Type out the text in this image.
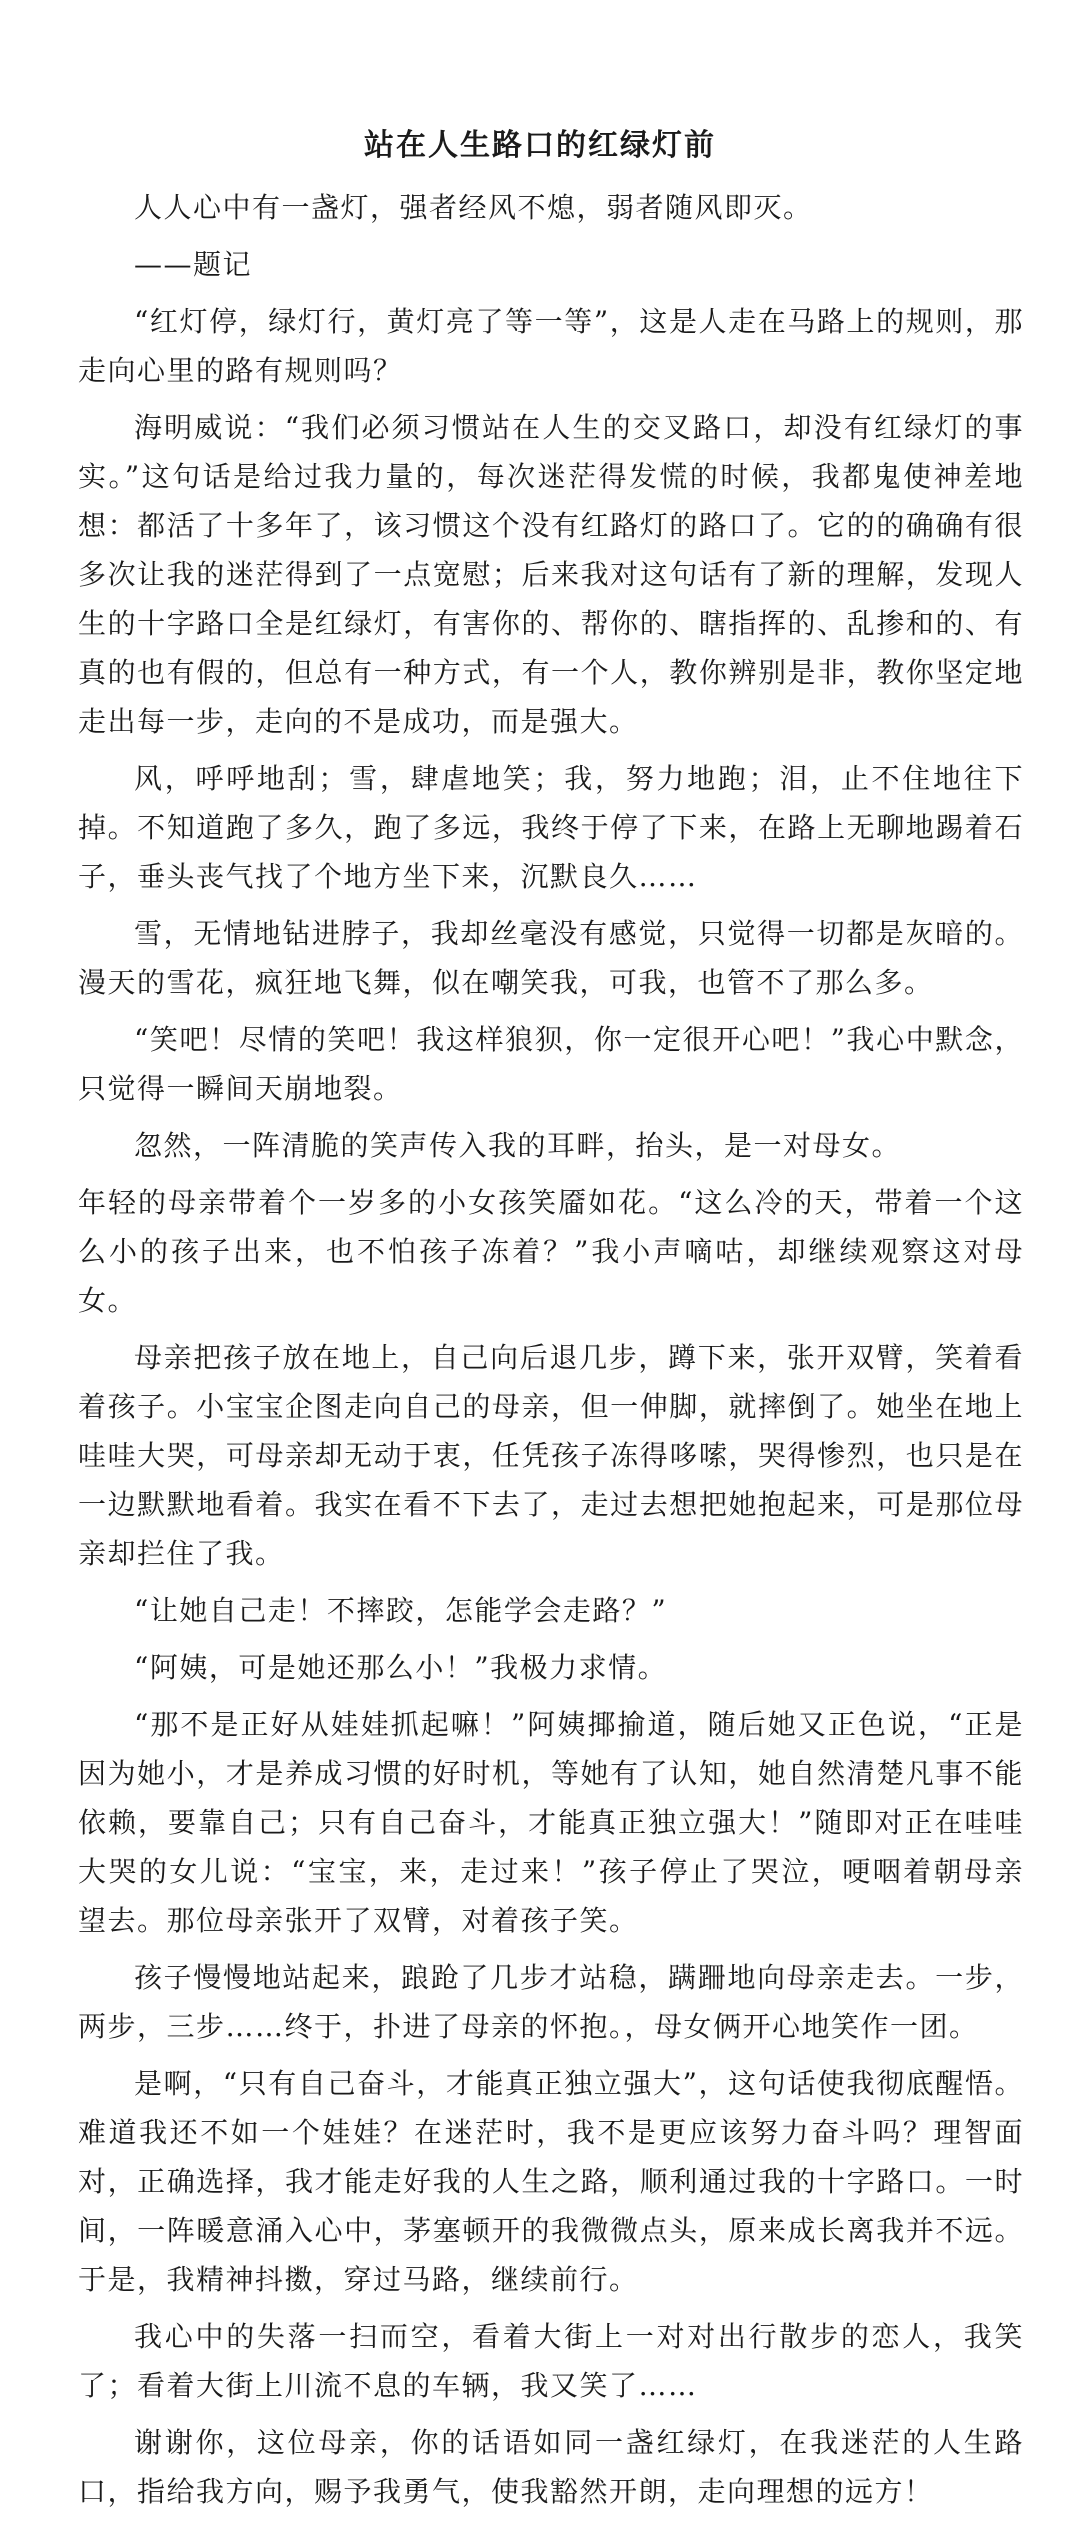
站在人生路口的红绿灯前

人人心中有一盏灯，强者经风不熄，弱者随风即灭。

——题记

“红灯停，绿灯行，黄灯亮了等一等”，这是人走在马路上的规则，那走向心里的路有规则吗？

海明威说：“我们必须习惯站在人生的交叉路口，却没有红绿灯的事实。”这句话是给过我力量的，每次迷茫得发慌的时候，我都鬼使神差地想：都活了十多年了，该习惯这个没有红路灯的路口了。它的的确确有很多次让我的迷茫得到了一点宽慰；后来我对这句话有了新的理解，发现人生的十字路口全是红绿灯，有害你的、帮你的、瞎指挥的、乱掺和的、有真的也有假的，但总有一种方式，有一个人，教你辨别是非，教你坚定地走出每一步，走向的不是成功，而是强大。

风，呼呼地刮；雪，肆虐地笑；我，努力地跑；泪，止不住地往下掉。不知道跑了多久，跑了多远，我终于停了下来，在路上无聊地踢着石子，垂头丧气找了个地方坐下来，沉默良久……

雪，无情地钻进脖子，我却丝毫没有感觉，只觉得一切都是灰暗的。漫天的雪花，疯狂地飞舞，似在嘲笑我，可我，也管不了那么多。

“笑吧！尽情的笑吧！我这样狼狈，你一定很开心吧！”我心中默念，只觉得一瞬间天崩地裂。

忽然，一阵清脆的笑声传入我的耳畔，抬头，是一对母女。

年轻的母亲带着个一岁多的小女孩笑靥如花。“这么冷的天，带着一个这么小的孩子出来，也不怕孩子冻着？”我小声嘀咕，却继续观察这对母女。

母亲把孩子放在地上，自己向后退几步，蹲下来，张开双臂，笑着看着孩子。小宝宝企图走向自己的母亲，但一伸脚，就摔倒了。她坐在地上哇哇大哭，可母亲却无动于衷，任凭孩子冻得哆嗦，哭得惨烈，也只是在一边默默地看着。我实在看不下去了，走过去想把她抱起来，可是那位母亲却拦住了我。

“让她自己走！不摔跤，怎能学会走路？”

“阿姨，可是她还那么小！”我极力求情。

“那不是正好从娃娃抓起嘛！”阿姨揶揄道，随后她又正色说，“正是因为她小，才是养成习惯的好时机，等她有了认知，她自然清楚凡事不能依赖，要靠自己；只有自己奋斗，才能真正独立强大！”随即对正在哇哇大哭的女儿说：“宝宝，来，走过来！”孩子停止了哭泣，哽咽着朝母亲望去。那位母亲张开了双臂，对着孩子笑。

孩子慢慢地站起来，踉跄了几步才站稳，蹒跚地向母亲走去。一步，两步，三步……终于，扑进了母亲的怀抱。，母女俩开心地笑作一团。

是啊，“只有自己奋斗，才能真正独立强大”，这句话使我彻底醒悟。难道我还不如一个娃娃？在迷茫时，我不是更应该努力奋斗吗？理智面对，正确选择，我才能走好我的人生之路，顺利通过我的十字路口。一时间，一阵暖意涌入心中，茅塞顿开的我微微点头，原来成长离我并不远。于是，我精神抖擞，穿过马路，继续前行。

我心中的失落一扫而空，看着大街上一对对出行散步的恋人，我笑了；看着大街上川流不息的车辆，我又笑了……

谢谢你，这位母亲，你的话语如同一盏红绿灯，在我迷茫的人生路口，指给我方向，赐予我勇气，使我豁然开朗，走向理想的远方！
